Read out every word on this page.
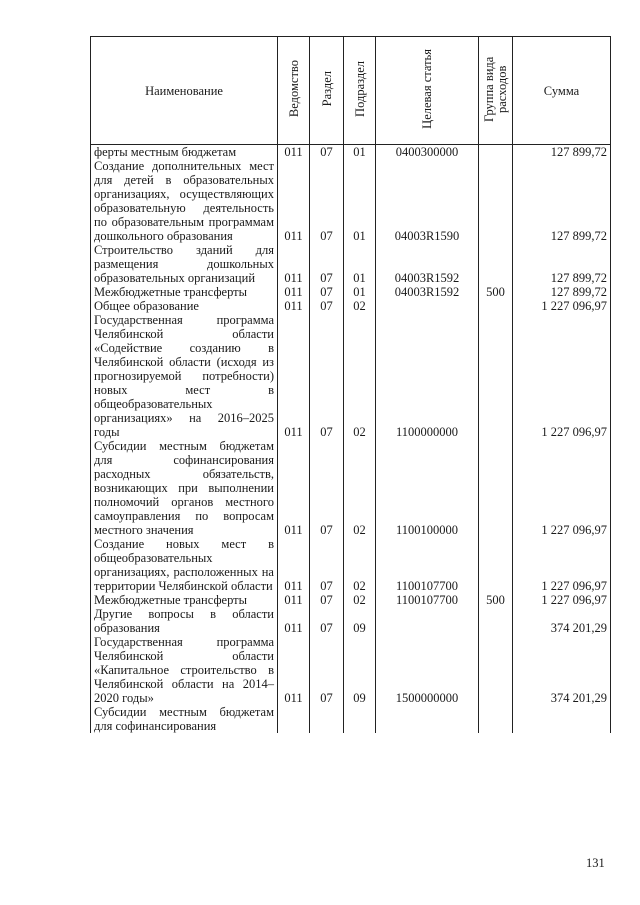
Наименование	Ведомство	Раздел	Подраздел	Целевая статья	Группа вида расходов	Сумма
ферты местным бюджетам	011	07	01	0400300000		127 899,72
Создание дополнительных мест для детей в образовательных организациях, осуществляющих образовательную деятельность по образовательным программам дошкольного образования	011	07	01	04003R1590		127 899,72
Строительство зданий для размещения дошкольных образовательных организаций	011	07	01	04003R1592		127 899,72
Межбюджетные трансферты	011	07	01	04003R1592	500	127 899,72
Общее образование	011	07	02			1 227 096,97
Государственная программа Челябинской области «Содействие созданию в Челябинской области (исходя из прогнозируемой потребности) новых мест в общеобразовательных организациях» на 2016–2025 годы	011	07	02	1100000000		1 227 096,97
Субсидии местным бюджетам для софинансирования расходных обязательств, возникающих при выполнении полномочий органов местного самоуправления по вопросам местного значения	011	07	02	1100100000		1 227 096,97
Создание новых мест в общеобразовательных организациях, расположенных на территории Челябинской области	011	07	02	1100107700		1 227 096,97
Межбюджетные трансферты	011	07	02	1100107700	500	1 227 096,97
Другие вопросы в области образования	011	07	09			374 201,29
Государственная программа Челябинской области «Капитальное строительство в Челябинской области на 2014–2020 годы»	011	07	09	1500000000		374 201,29
Субсидии местным бюджетам для софинансирования						
131
